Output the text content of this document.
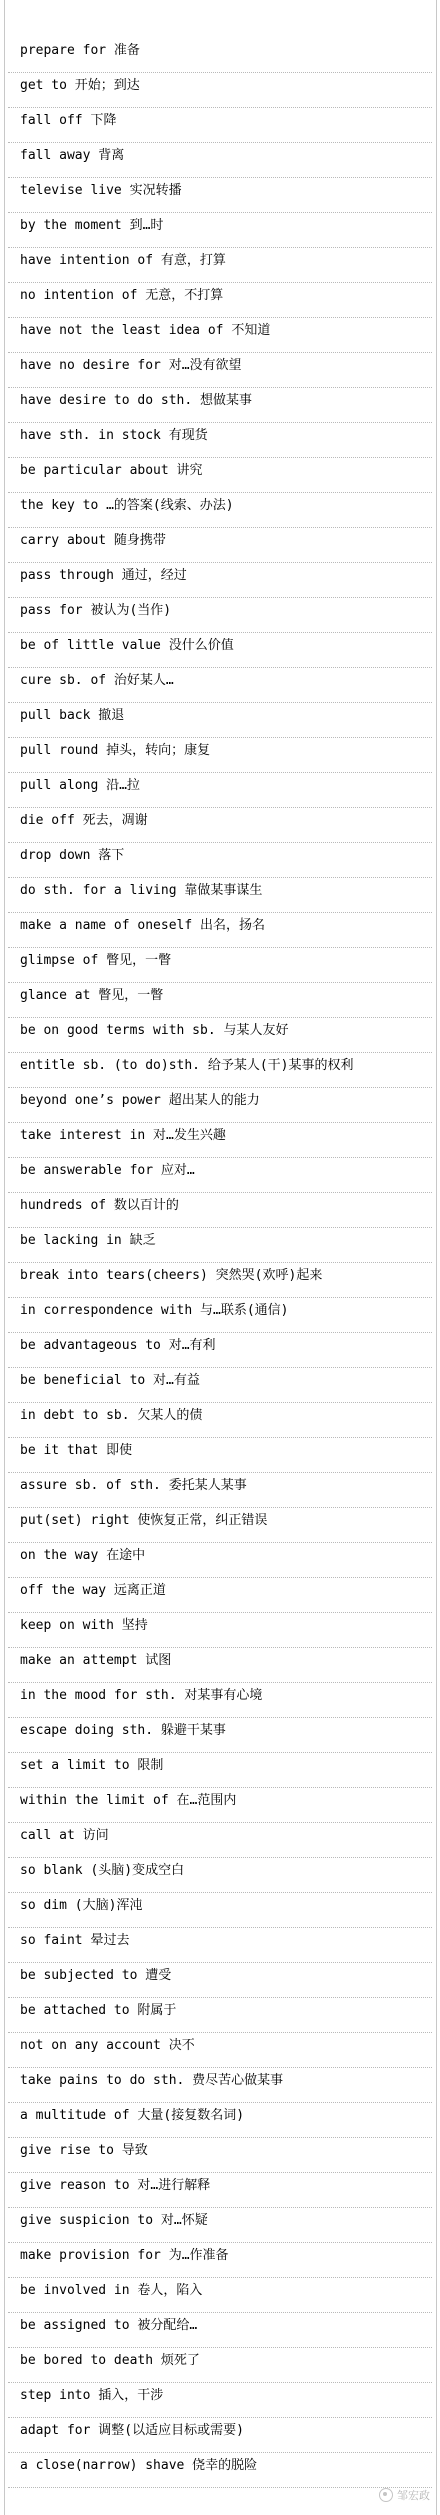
prepare for 准备
get to 开始；到达
fall off 下降
fall away 背离
televise live 实况转播
by the moment 到…时
have intention of 有意，打算
no intention of 无意，不打算
have not the least idea of 不知道
have no desire for 对…没有欲望
have desire to do sth. 想做某事
have sth. in stock 有现货
be particular about 讲究
the key to …的答案(线索、办法)
carry about 随身携带
pass through 通过，经过
pass for 被认为(当作)
be of little value 没什么价值
cure sb. of 治好某人…
pull back 撤退
pull round 掉头，转向；康复
pull along 沿…拉
die off 死去，凋谢
drop down 落下
do sth. for a living 靠做某事谋生
make a name of oneself 出名，扬名
glimpse of 瞥见，一瞥
glance at 瞥见，一瞥
be on good terms with sb. 与某人友好
entitle sb. (to do)sth. 给予某人(干)某事的权利
beyond one’s power 超出某人的能力
take interest in 对…发生兴趣
be answerable for 应对…
hundreds of 数以百计的
be lacking in 缺乏
break into tears(cheers) 突然哭(欢呼)起来
in correspondence with 与…联系(通信)
be advantageous to 对…有利
be beneficial to 对…有益
in debt to sb. 欠某人的债
be it that 即使
assure sb. of sth. 委托某人某事
put(set) right 使恢复正常，纠正错误
on the way 在途中
off the way 远离正道
keep on with 坚持
make an attempt 试图
in the mood for sth. 对某事有心境
escape doing sth. 躲避干某事
set a limit to 限制
within the limit of 在…范围内
call at 访问
so blank (头脑)变成空白
so dim (大脑)浑沌
so faint 晕过去
be subjected to 遭受
be attached to 附属于
not on any account 决不
take pains to do sth. 费尽苦心做某事
a multitude of 大量(接复数名词)
give rise to 导致
give reason to 对…进行解释
give suspicion to 对…怀疑
make provision for 为…作准备
be involved in 卷人，陷入
be assigned to 被分配给…
be bored to death 烦死了
step into 插入，干涉
adapt for 调整(以适应目标或需要)
a close(narrow) shave 侥幸的脱险
邹宏政
